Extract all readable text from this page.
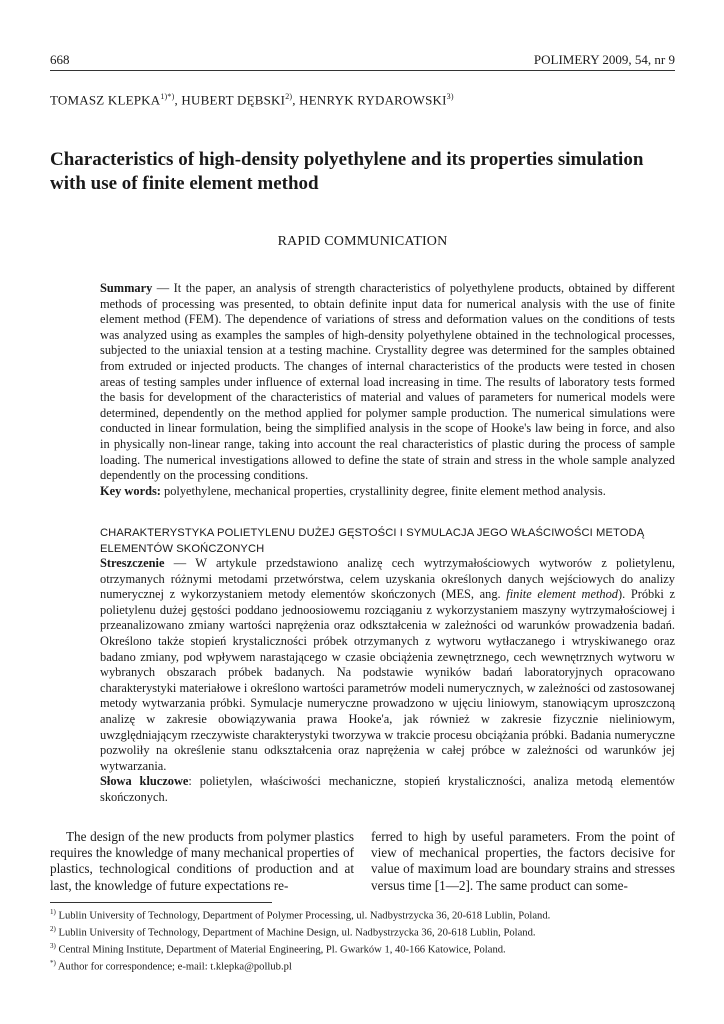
668	POLIMERY 2009, 54, nr 9
TOMASZ $KLEPKA^{1)*)}$, HUBERT DĘBSKI$^{2)}$, HENRYK RYDAROWSKI$^{3)}$
Characteristics of high-density polyethylene and its properties simulation with use of finite element method
RAPID COMMUNICATION

Summary — It the paper, an analysis of strength characteristics of polyethylene products, obtained by different methods of processing was presented, to obtain definite input data for numerical analysis with the use of finite element method (FEM). The dependence of variations of stress and deformation values on the conditions of tests was analyzed using as examples the samples of high-density polyethylene obtained in the technological processes, subjected to the uniaxial tension at a testing machine. Crystallity degree was determined for the samples obtained from extruded or injected products. The changes of internal characteristics of the products were tested in chosen areas of testing samples under influence of external load increasing in time. The results of laboratory tests formed the basis for development of the characteristics of material and values of parameters for numerical models were determined, dependently on the method applied for polymer sample production. The numerical simulations were conducted in linear formulation, being the simplified analysis in the scope of Hooke's law being in force, and also in physically non-linear range, taking into account the real characteristics of plastic during the process of sample loading. The numerical investigations allowed to define the state of strain and stress in the whole sample analyzed dependently on the processing conditions.

Key words: polyethylene, mechanical properties, crystallinity degree, finite element method analysis.

CHARAKTERYSTYKA POLIETYLENU DUŻEJ GĘSTOŚCI I SYMULACJA JEGO WŁAŚCIWOŚCI METODĄ ELEMENTÓW SKOŃCZONYCH

Streszczenie — W artykule przedstawiono analizę cech wytrzymałościowych wytworów z polietylenu, otrzymanych różnymi metodami przetwórstwa, celem uzyskania określonych danych wejściowych do analizy numerycznej z wykorzystaniem metody elementów skończonych (MES, ang. finite element method). Próbki z polietylenu dużej gęstości poddano jednoosiowemu rozciąganiu z wykorzystaniem maszyny wytrzymałościowej i przeanalizowano zmiany wartości naprężenia oraz odkształcenia w zależności od warunków prowadzenia badań. Określono także stopień krystaliczności próbek otrzymanych z wytworu wytłaczanego i wtryskiwanego oraz badano zmiany, pod wpływem narastającego w czasie obciążenia zewnętrznego, cech wewnętrznych wytworu w wybranych obszarach próbek badanych. Na podstawie wyników badań laboratoryjnych opracowano charakterystyki materiałowe i określono wartości parametrów modeli numerycznych, w zależności od zastosowanej metody wytwarzania próbki. Symulacje numeryczne prowadzono w ujęciu liniowym, stanowiącym uproszczoną analizę w zakresie obowiązywania prawa Hooke'a, jak również w zakresie fizycznie nieliniowym, uwzględniającym rzeczywiste charakterystyki tworzywa w trakcie procesu obciążania próbki. Badania numeryczne pozwoliły na określenie stanu odkształcenia oraz naprężenia w całej próbce w zależności od warunków jej wytwarzania.

Słowa kluczowe: polietylen, właściwości mechaniczne, stopień krystaliczności, analiza metodą elementów skończonych.

The design of the new products from polymer plastics requires the knowledge of many mechanical properties of plastics, technological conditions of production and at last, the knowledge of future expectations re-

ferred to high by useful parameters. From the point of view of mechanical properties, the factors decisive for value of maximum load are boundary strains and stresses versus time [1—2]. The same product can some-

$^{1)}$ Lublin University of Technology, Department of Polymer Processing, ul. Nadbystrzycka 36, 20-618 Lublin, Poland.
$^{2)}$ Lublin University of Technology, Department of Machine Design, ul. Nadbystrzycka 36, 20-618 Lublin, Poland.
$^{3)}$ Central Mining Institute, Department of Material Engineering, Pl. Gwarków 1, 40-166 Katowice, Poland.
*) Author for correspondence; e-mail: t.klepka@pollub.pl
